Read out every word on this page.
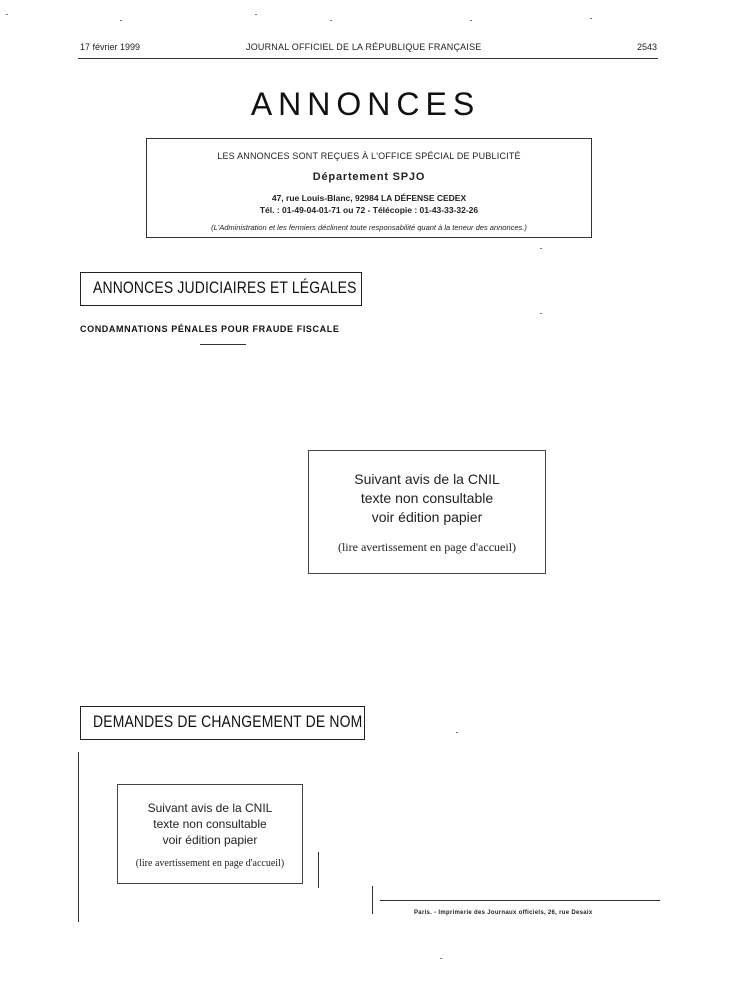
17 février 1999	JOURNAL OFFICIEL DE LA RÉPUBLIQUE FRANÇAISE	2543
ANNONCES
LES ANNONCES SONT REÇUES À L'OFFICE SPÉCIAL DE PUBLICITÉ
Département SPJO
47, rue Louis-Blanc, 92984 LA DÉFENSE CEDEX
Tél. : 01-49-04-01-71 ou 72 - Télécopie : 01-43-33-32-26
(L'Administration et les fermiers déclinent toute responsabilité quant à la teneur des annonces.)
ANNONCES JUDICIAIRES ET LÉGALES
CONDAMNATIONS PÉNALES POUR FRAUDE FISCALE
Suivant avis de la CNIL
texte non consultable
voir édition papier
(lire avertissement en page d'accueil)
DEMANDES DE CHANGEMENT DE NOM
Suivant avis de la CNIL
texte non consultable
voir édition papier
(lire avertissement en page d'accueil)
Paris. - Imprimerie des Journaux officiels, 26, rue Desaix
